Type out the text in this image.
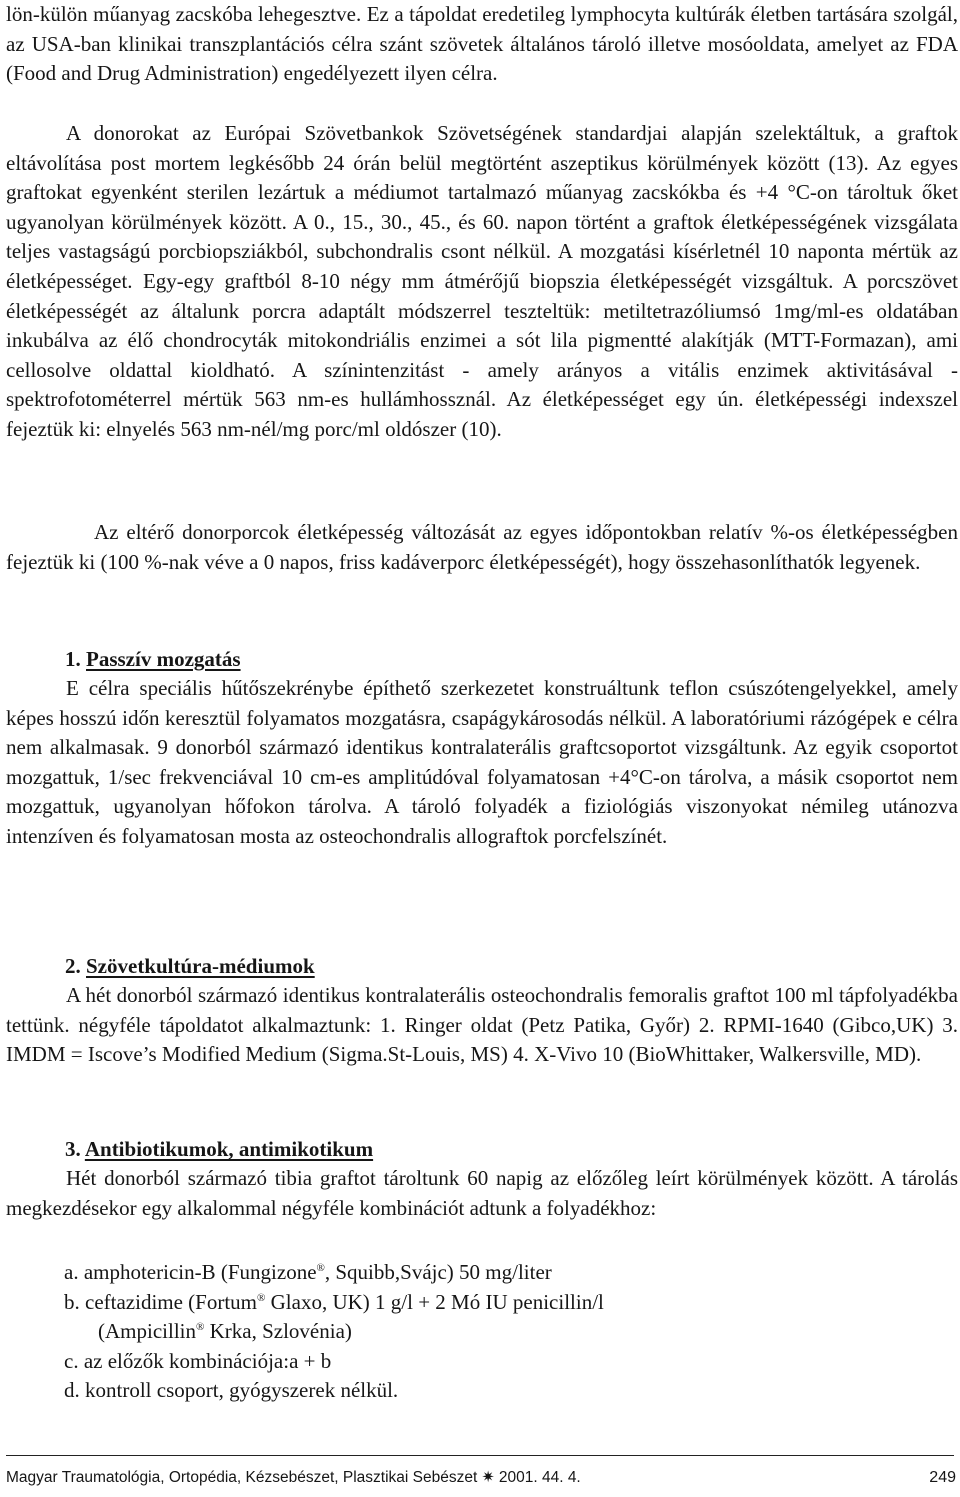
lön-külön műanyag zacskóba lehegesztve. Ez a tápoldat eredetileg lymphocyta kultúrák életben tartására szolgál, az USA-ban klinikai transzplantációs célra szánt szövetek általános tároló illetve mosóoldata, amelyet az FDA (Food and Drug Administration) engedélyezett ilyen célra.

A donorokat az Európai Szövetbankok Szövetségének standardjai alapján szelektáltuk, a graftok eltávolítása post mortem legkésőbb 24 órán belül megtörtént aszeptikus körülmények között (13). Az egyes graftokat egyenként sterilen lezártuk a médiumot tartalmazó műanyag zacskókba és +4 °C-on tároltuk őket ugyanolyan körülmények között. A 0., 15., 30., 45., és 60. napon történt a graftok életképességének vizsgálata teljes vastagságú porcbiopsziákból, subchondralis csont nélkül. A mozgatási kísérletnél 10 naponta mértük az életképességet. Egy-egy graftból 8-10 négy mm átmérőjű biopszia életképességét vizsgáltuk. A porcszövet életképességét az általunk porcra adaptált módszerrel teszteltük: metiltetrazóliumsó 1mg/ml-es oldatában inkubálva az élő chondrocyták mitokondriális enzimei a sót lila pigmentté alakítják (MTT-Formazan), ami cellosolve oldattal kioldható. A színintenzitást - amely arányos a vitális enzimek aktivitásával - spektrofotométerrel mértük 563 nm-es hullámhossznál. Az életképességet egy ún. életképességi indexszel fejeztük ki: elnyelés 563 nm-nél/mg porc/ml oldószer (10).

Az eltérő donorporcok életképesség változását az egyes időpontokban relatív %-os életképességben fejeztük ki (100 %-nak véve a 0 napos, friss kadáverporc életképességét), hogy összehasonlíthatók legyenek.

1. Passzív mozgatás

E célra speciális hűtőszekrénybe építhető szerkezetet konstruáltunk teflon csúszótengelyekkel, amely képes hosszú időn keresztül folyamatos mozgatásra, csapágykárosodás nélkül. A laboratóriumi rázógépek e célra nem alkalmasak. 9 donorból származó identikus kontralaterális graftcsoportot vizsgáltunk. Az egyik csoportot mozgattuk, 1/sec frekvenciával 10 cm-es amplitúdóval folyamatosan +4°C-on tárolva, a másik csoportot nem mozgattuk, ugyanolyan hőfokon tárolva. A tároló folyadék a fiziológiás viszonyokat némileg utánozva intenzíven és folyamatosan mosta az osteochondralis allograftok porcfelszínét.

2. Szövetkultúra-médiumok

A hét donorból származó identikus kontralaterális osteochondralis femoralis graftot 100 ml tápfolyadékba tettünk. négyféle tápoldatot alkalmaztunk: 1. Ringer oldat (Petz Patika, Győr) 2. RPMI-1640 (Gibco,UK) 3. IMDM = Iscove’s Modified Medium (Sigma.St-Louis, MS) 4. X-Vivo 10 (BioWhittaker, Walkersville, MD).

3. Antibiotikumok, antimikotikum

Hét donorból származó tibia graftot tároltunk 60 napig az előzőleg leírt körülmények között. A tárolás megkezdésekor egy alkalommal négyféle kombinációt adtunk a folyadékhoz:

a. amphotericin-B (Fungizone®, Squibb,Svájc) 50 mg/liter
b. ceftazidime (Fortum® Glaxo, UK) 1 g/l + 2 Mó IU penicillin/l
(Ampicillin® Krka, Szlovénia)
c. az előzők kombinációja:a + b
d. kontroll csoport, gyógyszerek nélkül.
Magyar Traumatológia, Ortopédia, Kézsebészet, Plasztikai Sebészet ✷ 2001. 44. 4.	249
